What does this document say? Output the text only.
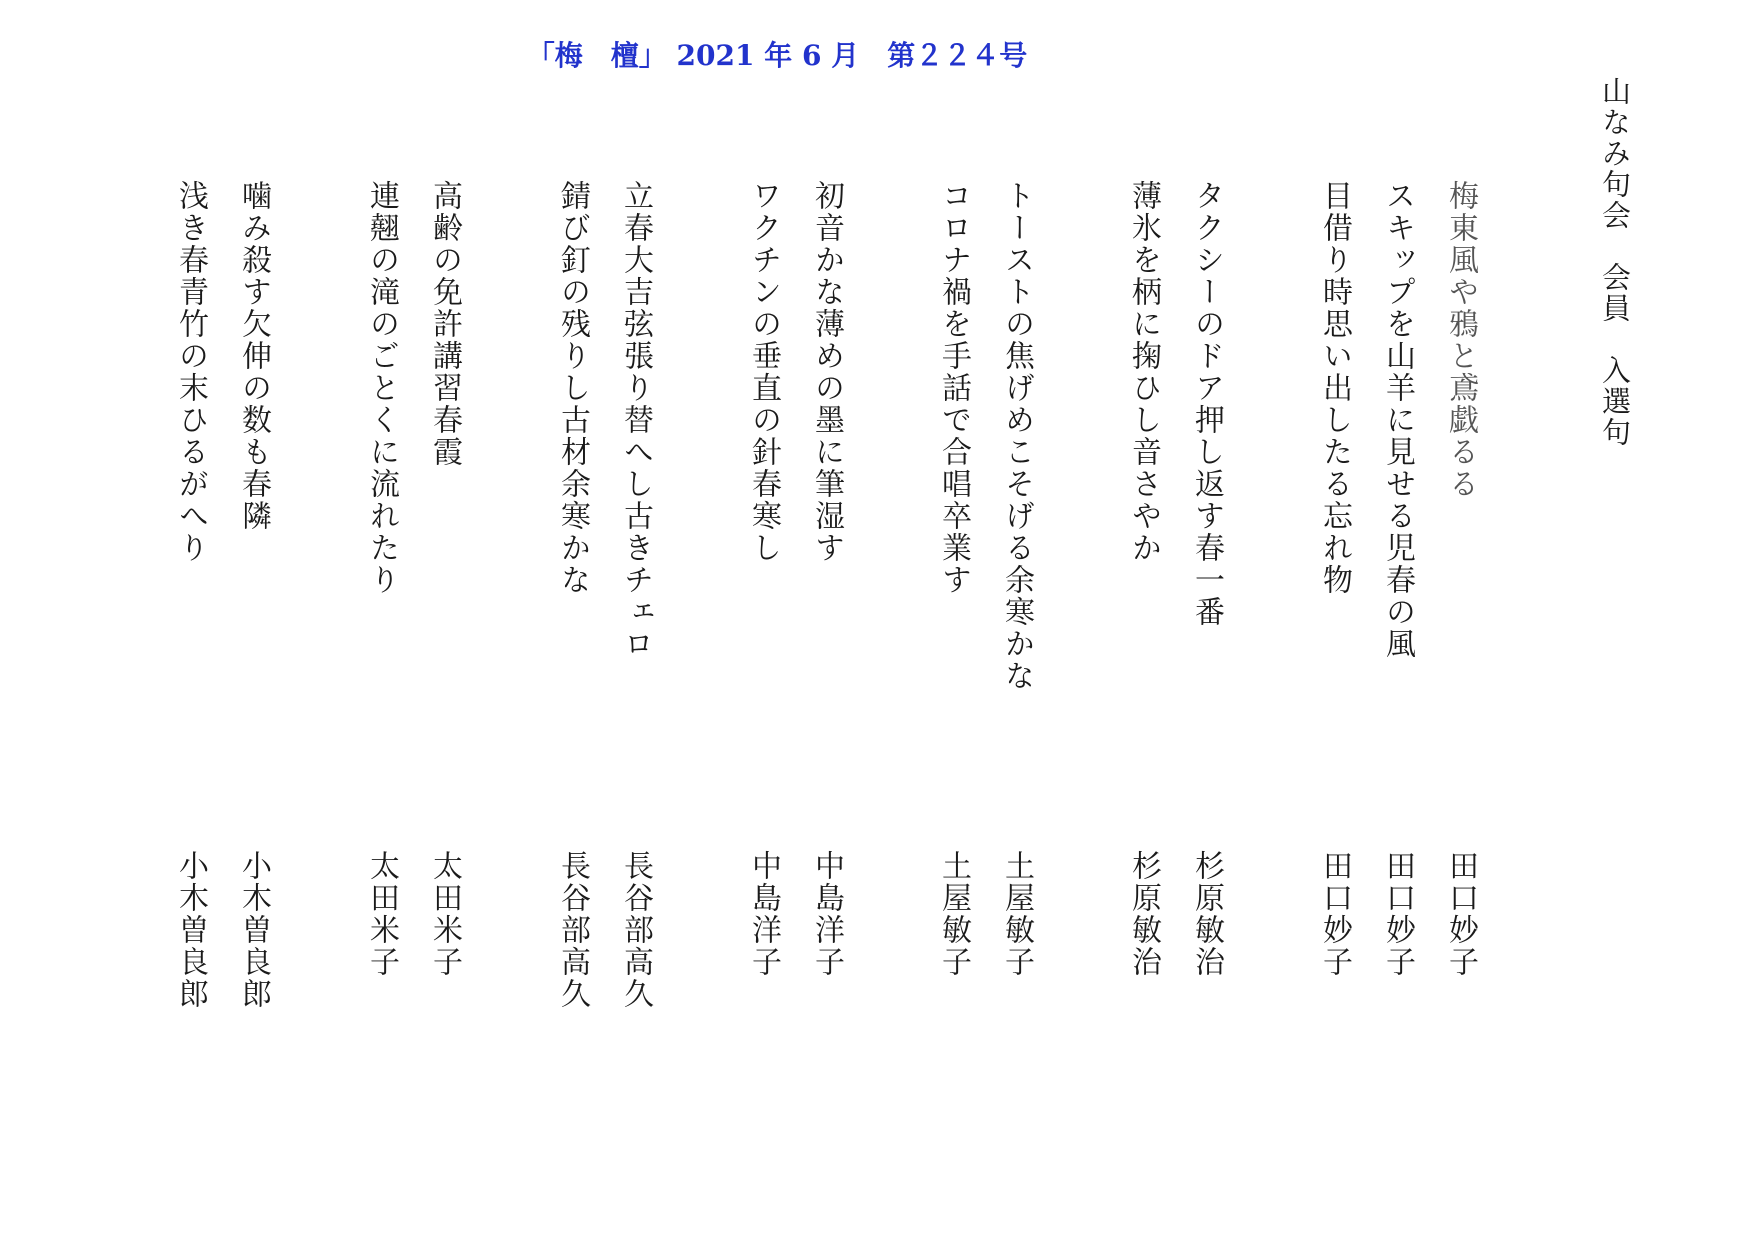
「梅　檀」 2021 年 6 月　第２２４号
山なみ句会　会員　入選句
梅東風や鴉と鳶戯るる
スキップを山羊に見せる児春の風
目借り時思い出したる忘れ物
タクシーのドア押し返す春一番
薄氷を柄に掬ひし音さやか
トーストの焦げめこそげる余寒かな
コロナ禍を手話で合唱卒業す
初音かな薄めの墨に筆湿す
ワクチンの垂直の針春寒し
立春大吉弦張り替へし古きチェロ
錆び釘の残りし古材余寒かな
高齢の免許講習春霞
連翹の滝のごとくに流れたり
噛み殺す欠伸の数も春隣
浅き春青竹の末ひるがへり
田口妙子
田口妙子
田口妙子
杉原敏治
杉原敏治
土屋敏子
土屋敏子
中島洋子
中島洋子
長谷部高久
長谷部高久
太田米子
太田米子
小木曽良郎
小木曽良郎
